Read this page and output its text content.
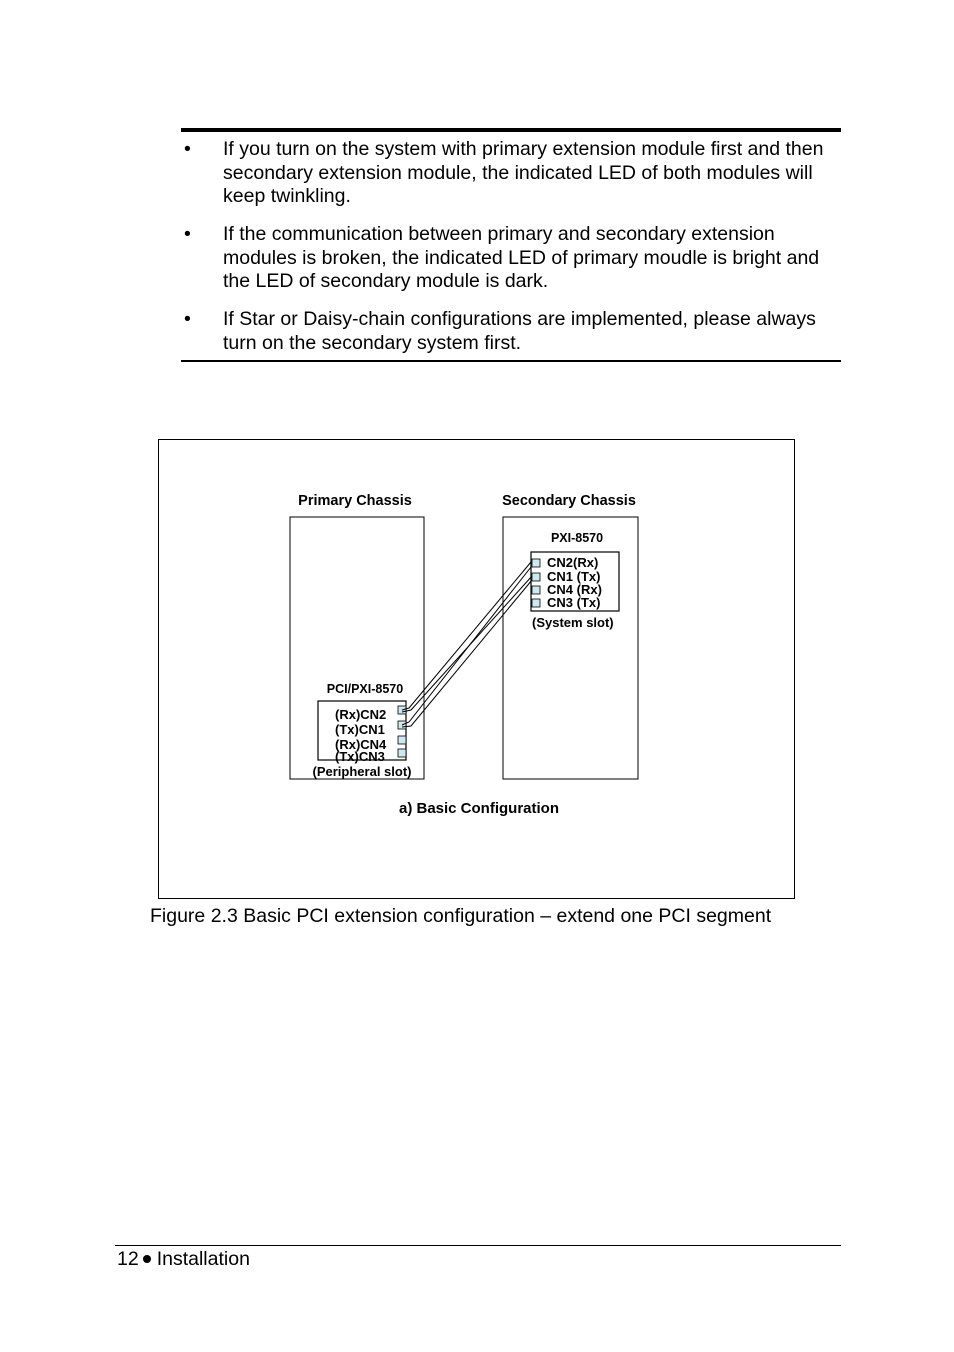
• If you turn on the system with primary extension module first and then secondary extension module, the indicated LED of both modules will keep twinkling.
• If the communication between primary and secondary extension modules is broken, the indicated LED of primary moudle is bright and the LED of secondary module is dark.
• If Star or Daisy-chain configurations are implemented, please always turn on the secondary system first.
Primary Chassis	Secondary Chassis
PXI-8570
CN2(Rx)
CN1 (Tx)
CN4 (Rx)
CN3 (Tx)
(System slot)
PCI/PXI-8570
(Rx)CN2
(Tx)CN1
(Rx)CN4
(Tx)CN3
(Peripheral slot)
a) Basic Configuration
Figure 2.3 Basic PCI extension configuration – extend one PCI segment
12 Installation
